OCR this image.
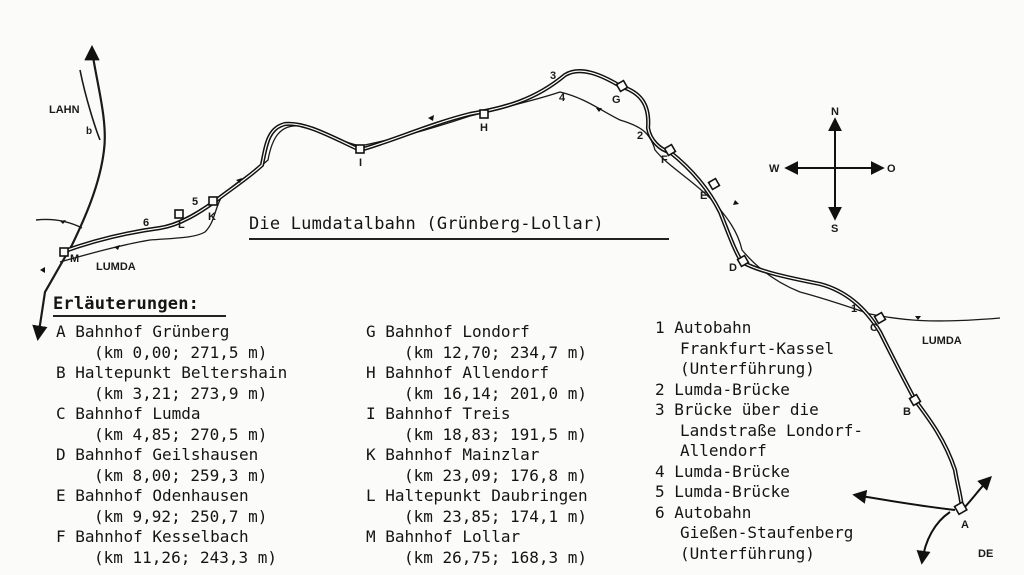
N
S
W	O
LAHN
b
LUMDA
LUMDA
DE
A
B
C
D
E
F
G
H
I
K
L
M
1
2
3
4
5
6	Die Lumdatalbahn (Grünberg-Lollar)
Erläuterungen:
A Bahnhof Grünberg
(km 0,00; 271,5 m)
B Haltepunkt Beltershain
(km 3,21; 273,9 m)
C Bahnhof Lumda
(km 4,85; 270,5 m)
D Bahnhof Geilshausen
(km 8,00; 259,3 m)
E Bahnhof Odenhausen
(km 9,92; 250,7 m)
F Bahnhof Kesselbach
(km 11,26; 243,3 m)
G Bahnhof Londorf
(km 12,70; 234,7 m)
H Bahnhof Allendorf
(km 16,14; 201,0 m)
I Bahnhof Treis
(km 18,83; 191,5 m)
K Bahnhof Mainzlar
(km 23,09; 176,8 m)
L Haltepunkt Daubringen
(km 23,85; 174,1 m)
M Bahnhof Lollar
(km 26,75; 168,3 m)
1 Autobahn
Frankfurt-Kassel
(Unterführung)
2 Lumda-Brücke
3 Brücke über die
Landstraße Londorf-
Allendorf
4 Lumda-Brücke
5 Lumda-Brücke
6 Autobahn
Gießen-Staufenberg
(Unterführung)
